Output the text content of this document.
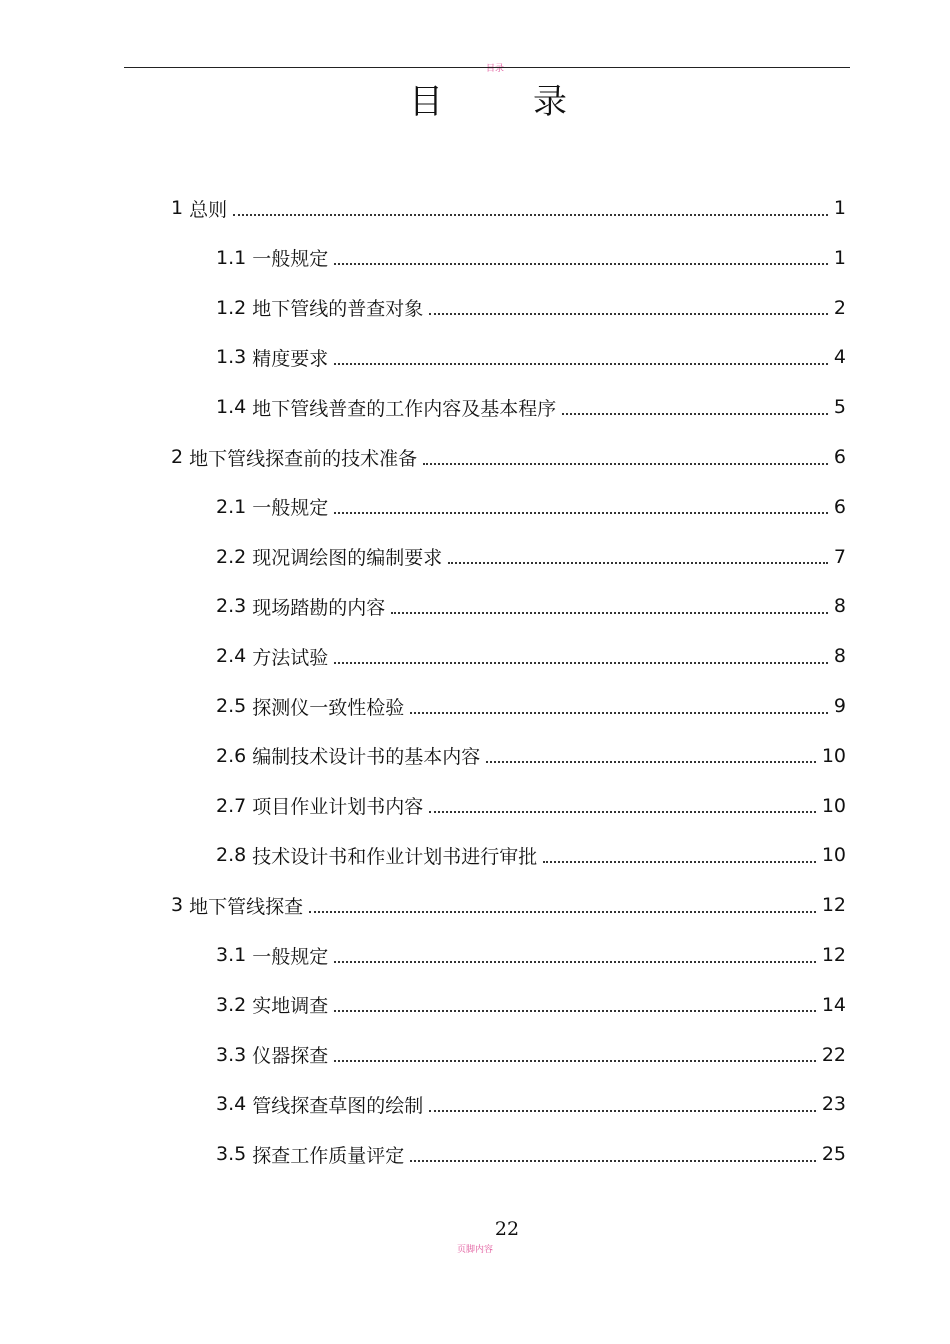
目录
目	录
1 总则	1
1.1 一般规定	1
1.2 地下管线的普查对象	2
1.3 精度要求	4
1.4 地下管线普查的工作内容及基本程序	5
2 地下管线探查前的技术准备	6
2.1 一般规定	6
2.2 现况调绘图的编制要求	7
2.3 现场踏勘的内容	8
2.4 方法试验	8
2.5 探测仪一致性检验	9
2.6 编制技术设计书的基本内容	10
2.7 项目作业计划书内容	10
2.8 技术设计书和作业计划书进行审批	10
3 地下管线探查	12
3.1 一般规定	12
3.2 实地调查	14
3.3 仪器探查	22
3.4 管线探查草图的绘制	23
3.5 探查工作质量评定	25
22
页脚内容
